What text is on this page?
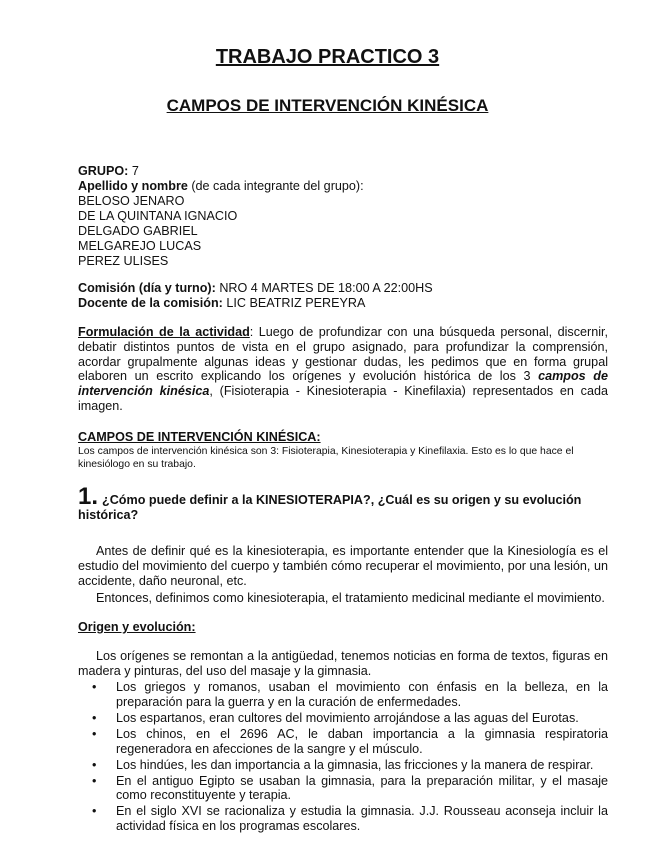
TRABAJO PRACTICO 3
CAMPOS DE INTERVENCIÓN KINÉSICA
GRUPO: 7
Apellido y nombre (de cada integrante del grupo):
BELOSO JENARO
DE LA QUINTANA IGNACIO
DELGADO GABRIEL
MELGAREJO LUCAS
PEREZ ULISES
Comisión (día y turno): NRO 4 MARTES DE 18:00 A 22:00HS
Docente de la comisión: LIC BEATRIZ PEREYRA
Formulación de la actividad: Luego de profundizar con una búsqueda personal, discernir, debatir distintos puntos de vista en el grupo asignado, para profundizar la comprensión, acordar grupalmente algunas ideas y gestionar dudas, les pedimos que en forma grupal elaboren un escrito explicando los orígenes y evolución histórica de los 3 campos de intervención kinésica, (Fisioterapia - Kinesioterapia - Kinefilaxia) representados en cada imagen.
CAMPOS DE INTERVENCIÓN KINÉSICA:
Los campos de intervención kinésica son 3: Fisioterapia, Kinesioterapia y Kinefilaxia. Esto es lo que hace el kinesiólogo en su trabajo.
1. ¿Cómo puede definir a la KINESIOTERAPIA?, ¿Cuál es su origen y su evolución histórica?
Antes de definir qué es la kinesioterapia, es importante entender que la Kinesiología es el estudio del movimiento del cuerpo y también cómo recuperar el movimiento, por una lesión, un accidente, daño neuronal, etc.
Entonces, definimos como kinesioterapia, el tratamiento medicinal mediante el movimiento.
Origen y evolución:
Los orígenes se remontan a la antigüedad, tenemos noticias en forma de textos, figuras en madera y pinturas, del uso del masaje y la gimnasia.
• Los griegos y romanos, usaban el movimiento con énfasis en la belleza, en la preparación para la guerra y en la curación de enfermedades.
• Los espartanos, eran cultores del movimiento arrojándose a las aguas del Eurotas.
• Los chinos, en el 2696 AC, le daban importancia a la gimnasia respiratoria regeneradora en afecciones de la sangre y el músculo.
• Los hindúes, les dan importancia a la gimnasia, las fricciones y la manera de respirar.
• En el antiguo Egipto se usaban la gimnasia, para la preparación militar, y el masaje como reconstituyente y terapia.
• En el siglo XVI se racionaliza y estudia la gimnasia. J.J. Rousseau aconseja incluir la actividad física en los programas escolares.
